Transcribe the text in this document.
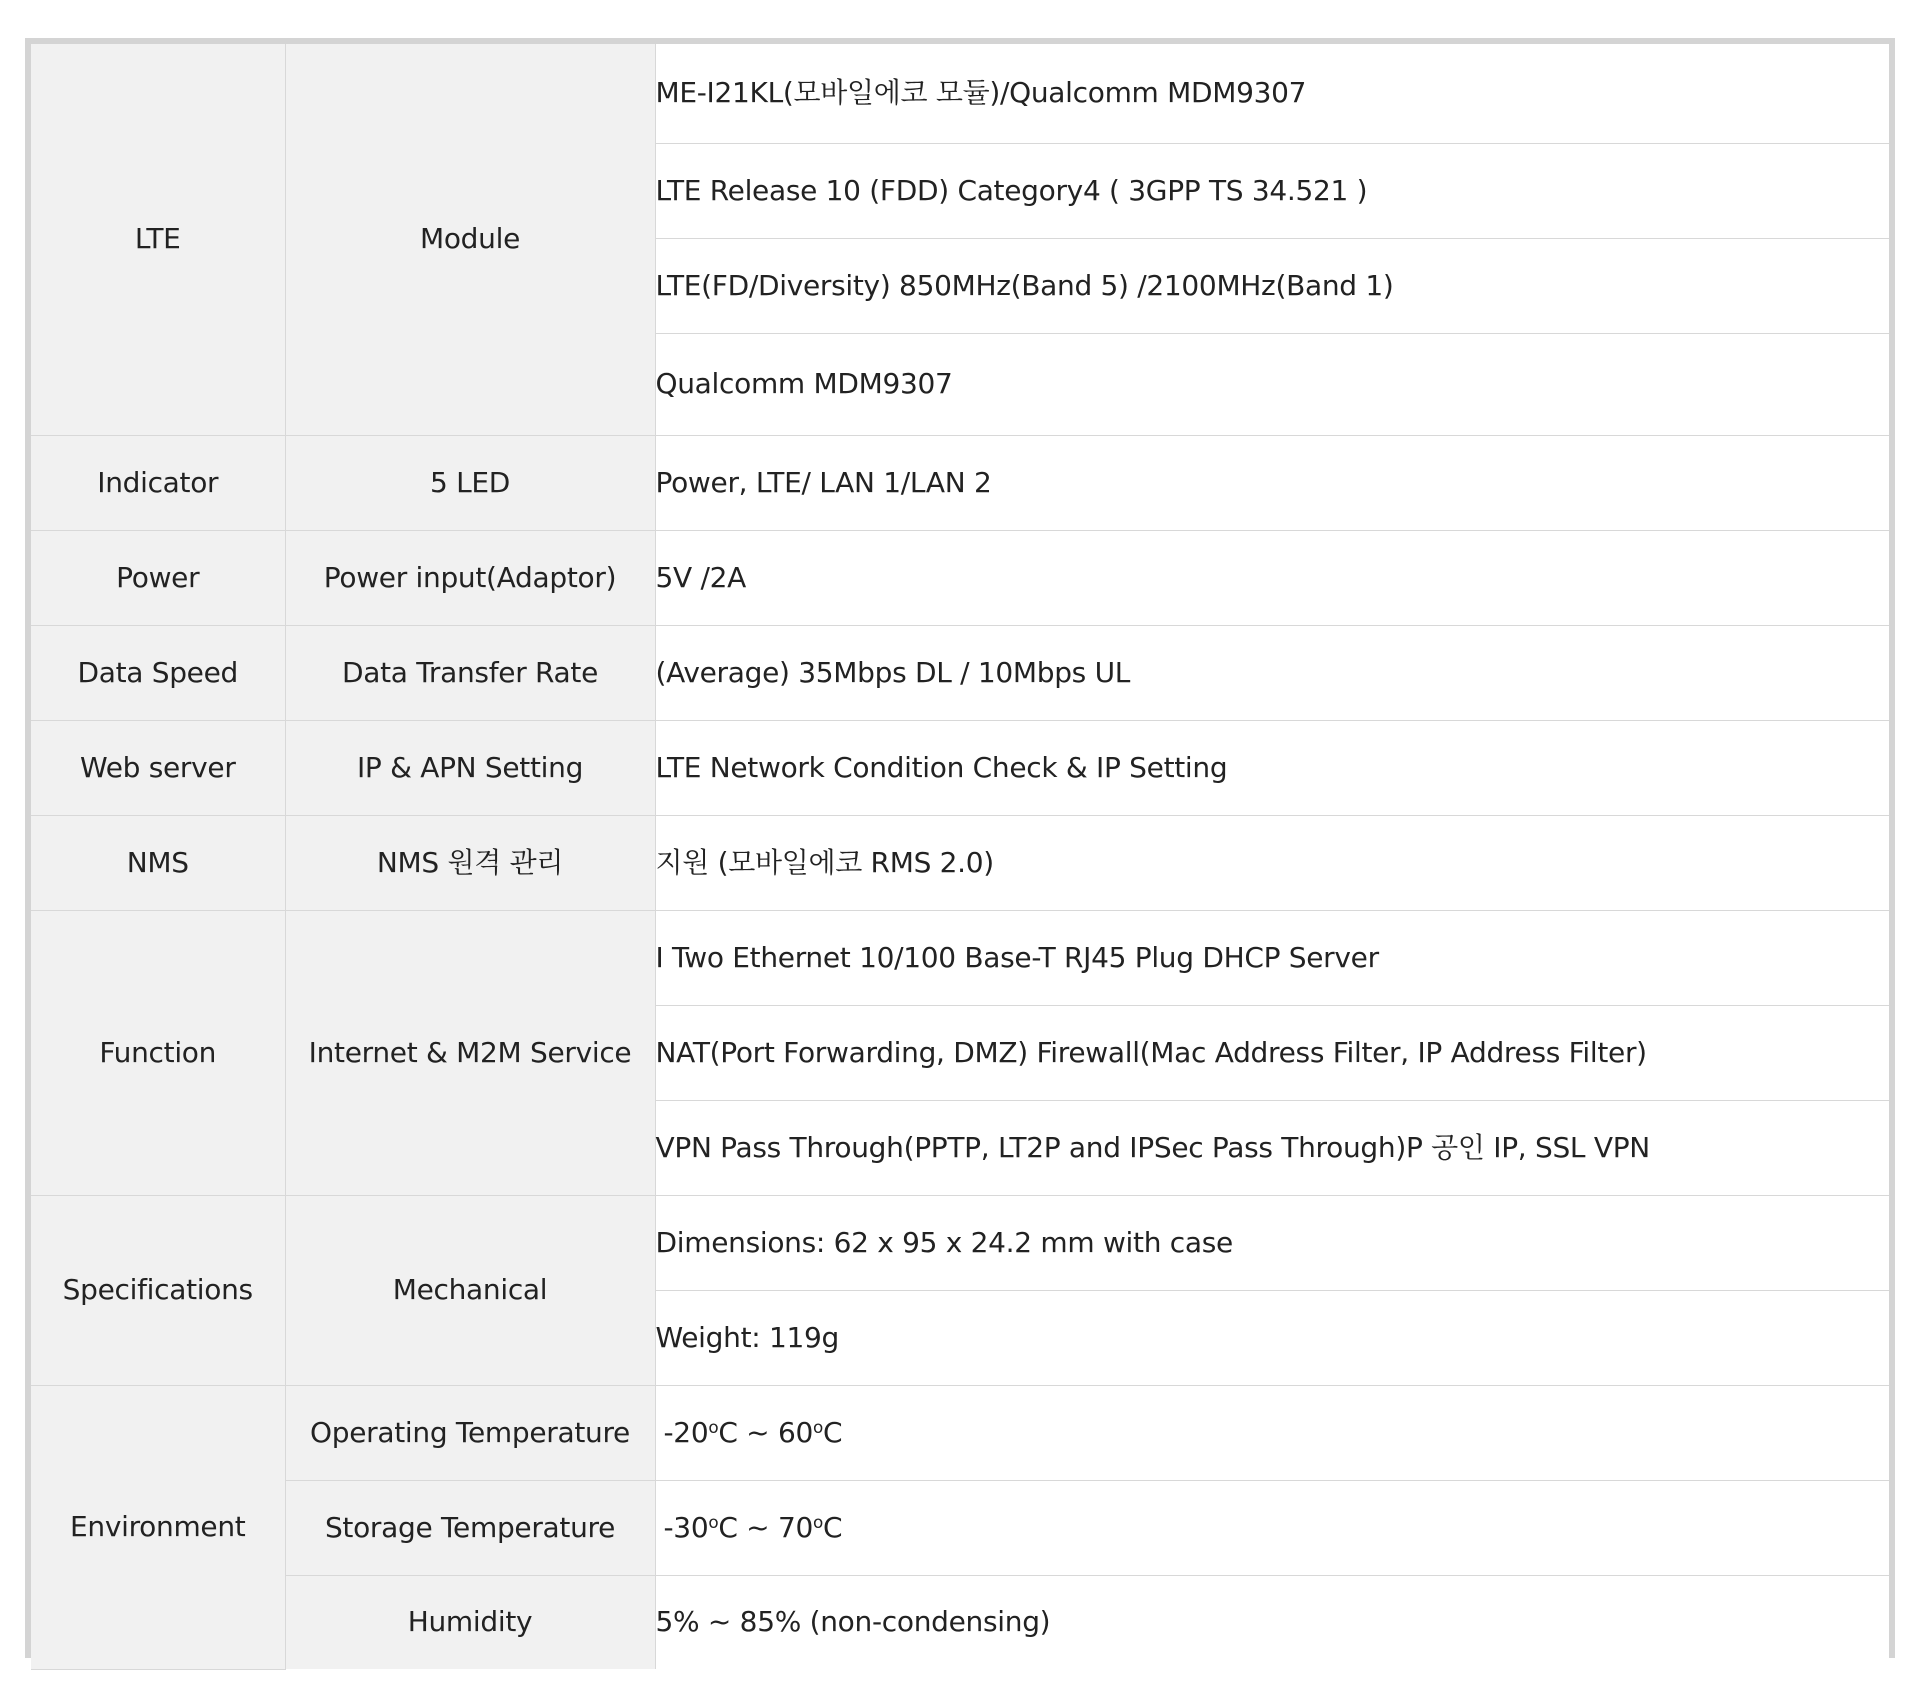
LTE	Module	ME-I21KL(모바일에코 모듈)/Qualcomm MDM9307
		LTE Release 10 (FDD) Category4 ( 3GPP TS 34.521 )
		LTE(FD/Diversity) 850MHz(Band 5) /2100MHz(Band 1)
		Qualcomm MDM9307
Indicator	5 LED	Power, LTE/ LAN 1/LAN 2
Power	Power input(Adaptor)	5V /2A
Data Speed	Data Transfer Rate	(Average) 35Mbps DL / 10Mbps UL
Web server	IP & APN Setting	LTE Network Condition Check & IP Setting
NMS	NMS 원격 관리	지원 (모바일에코 RMS 2.0)
Function	Internet & M2M Service	I Two Ethernet 10/100 Base-T RJ45 Plug DHCP Server
		NAT(Port Forwarding, DMZ) Firewall(Mac Address Filter, IP Address Filter)
		VPN Pass Through(PPTP, LT2P and IPSec Pass Through)P 공인 IP, SSL VPN
Specifications	Mechanical	Dimensions: 62 x 95 x 24.2 mm with case
		Weight: 119g
Environment	Operating Temperature	-20$^o$C ~ 60$^o$C
	Storage Temperature	-30$^o$C ~ 70$^o$C
	Humidity	5% ~ 85% (non-condensing)
